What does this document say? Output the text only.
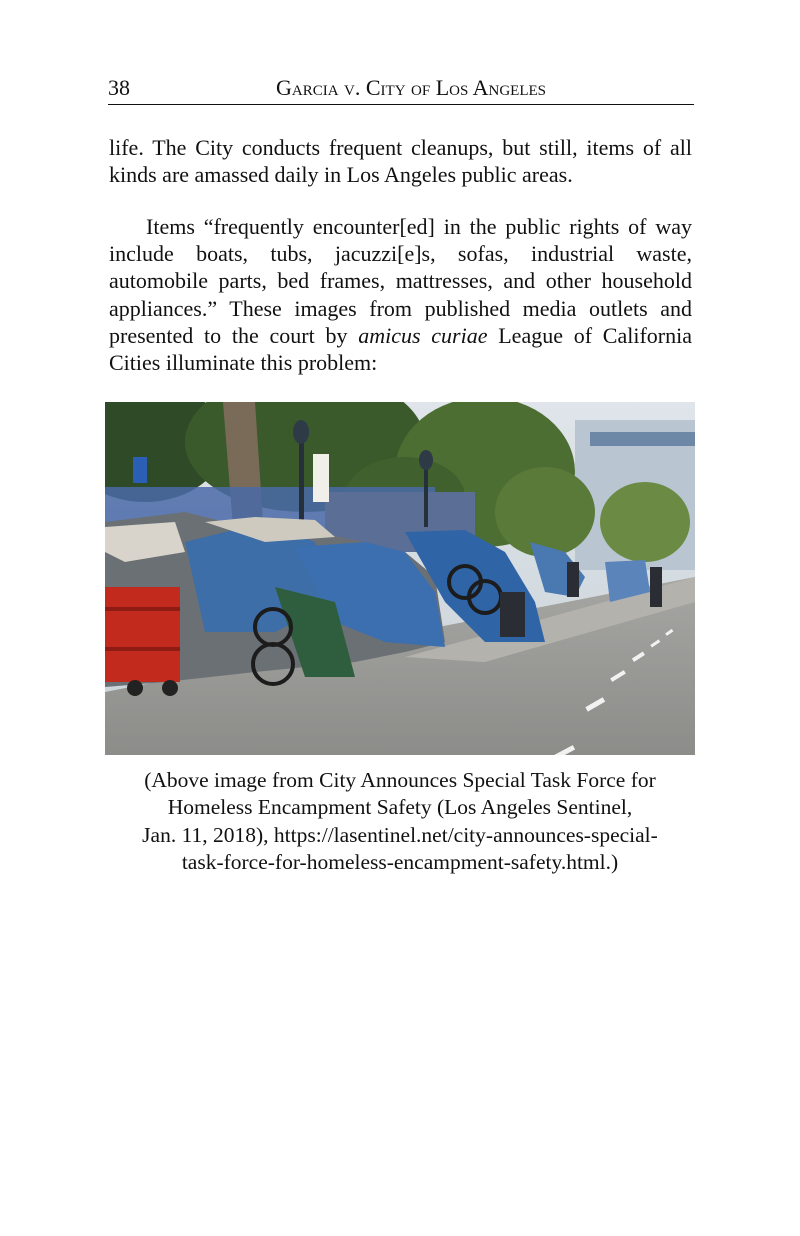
38	Garcia v. City of Los Angeles

life. The City conducts frequent cleanups, but still, items of all kinds are amassed daily in Los Angeles public areas.

Items “frequently encounter[ed] in the public rights of way include boats, tubs, jacuzzi[e]s, sofas, industrial waste, automobile parts, bed frames, mattresses, and other household appliances.” These images from published media outlets and presented to the court by amicus curiae League of California Cities illuminate this problem:

(Above image from City Announces Special Task Force for
Homeless Encampment Safety (Los Angeles Sentinel,
Jan. 11, 2018), https://lasentinel.net/city-announces-special-
task-force-for-homeless-encampment-safety.html.)
